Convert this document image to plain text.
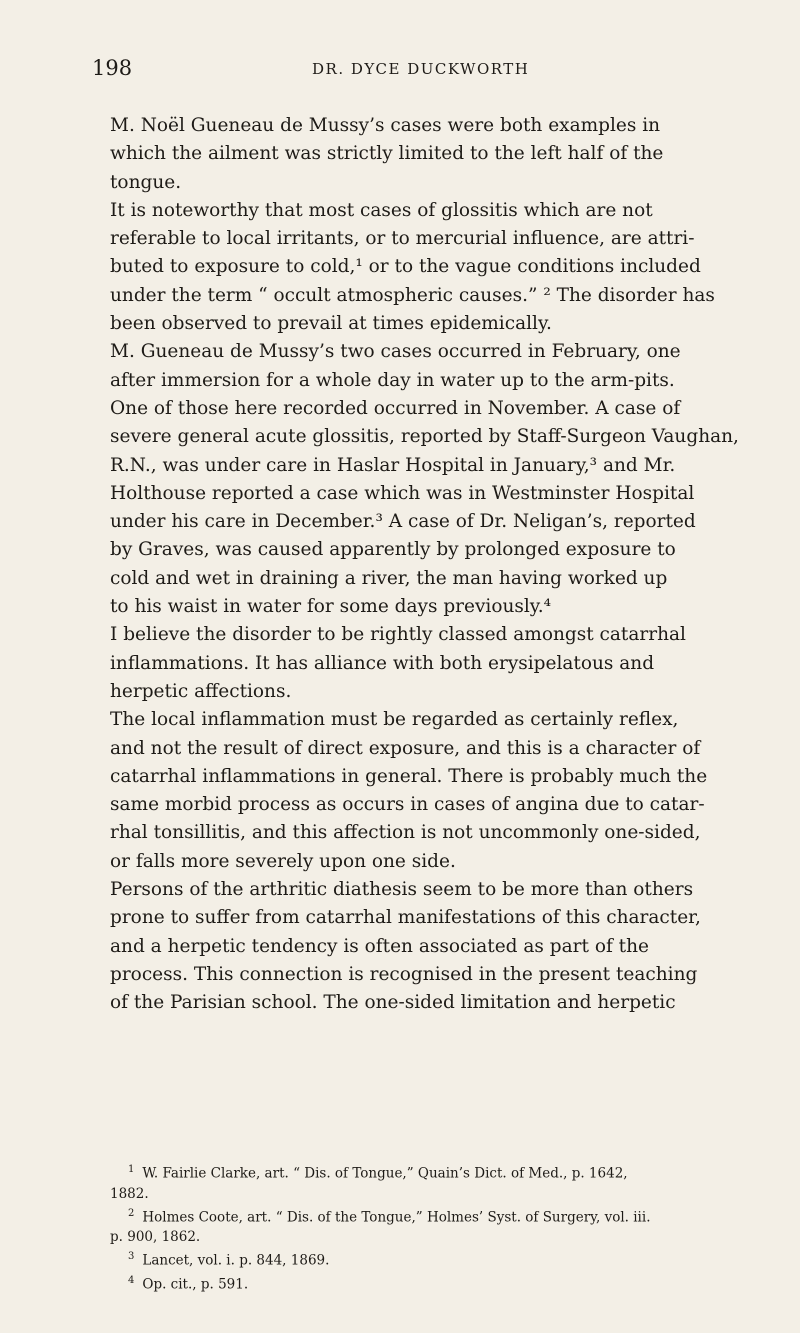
198	DR. DYCE DUCKWORTH

M. Noël Gueneau de Mussy’s cases were both examples in
which the ailment was strictly limited to the left half of the
tongue.

It is noteworthy that most cases of glossitis which are not
referable to local irritants, or to mercurial influence, are attri-
buted to exposure to cold,¹ or to the vague conditions included
under the term “ occult atmospheric causes.” ² The disorder has
been observed to prevail at times epidemically.

M. Gueneau de Mussy’s two cases occurred in February, one
after immersion for a whole day in water up to the arm-pits.
One of those here recorded occurred in November. A case of
severe general acute glossitis, reported by Staff-Surgeon Vaughan,
R.N., was under care in Haslar Hospital in January,³ and Mr.
Holthouse reported a case which was in Westminster Hospital
under his care in December.³ A case of Dr. Neligan’s, reported
by Graves, was caused apparently by prolonged exposure to
cold and wet in draining a river, the man having worked up
to his waist in water for some days previously.⁴

I believe the disorder to be rightly classed amongst catarrhal
inflammations. It has alliance with both erysipelatous and
herpetic affections.

The local inflammation must be regarded as certainly reflex,
and not the result of direct exposure, and this is a character of
catarrhal inflammations in general. There is probably much the
same morbid process as occurs in cases of angina due to catar-
rhal tonsillitis, and this affection is not uncommonly one-sided,
or falls more severely upon one side.

Persons of the arthritic diathesis seem to be more than others
prone to suffer from catarrhal manifestations of this character,
and a herpetic tendency is often associated as part of the
process. This connection is recognised in the present teaching
of the Parisian school. The one-sided limitation and herpetic

$^1$ W. Fairlie Clarke, art. “ Dis. of Tongue,” Quain’s Dict. of Med., p. 1642,
1882.
$^2$ Holmes Coote, art. “ Dis. of the Tongue,” Holmes’ Syst. of Surgery, vol. iii.
p. 900, 1862.
$^3$ Lancet, vol. i. p. 844, 1869.
$^4$ Op. cit., p. 591.
